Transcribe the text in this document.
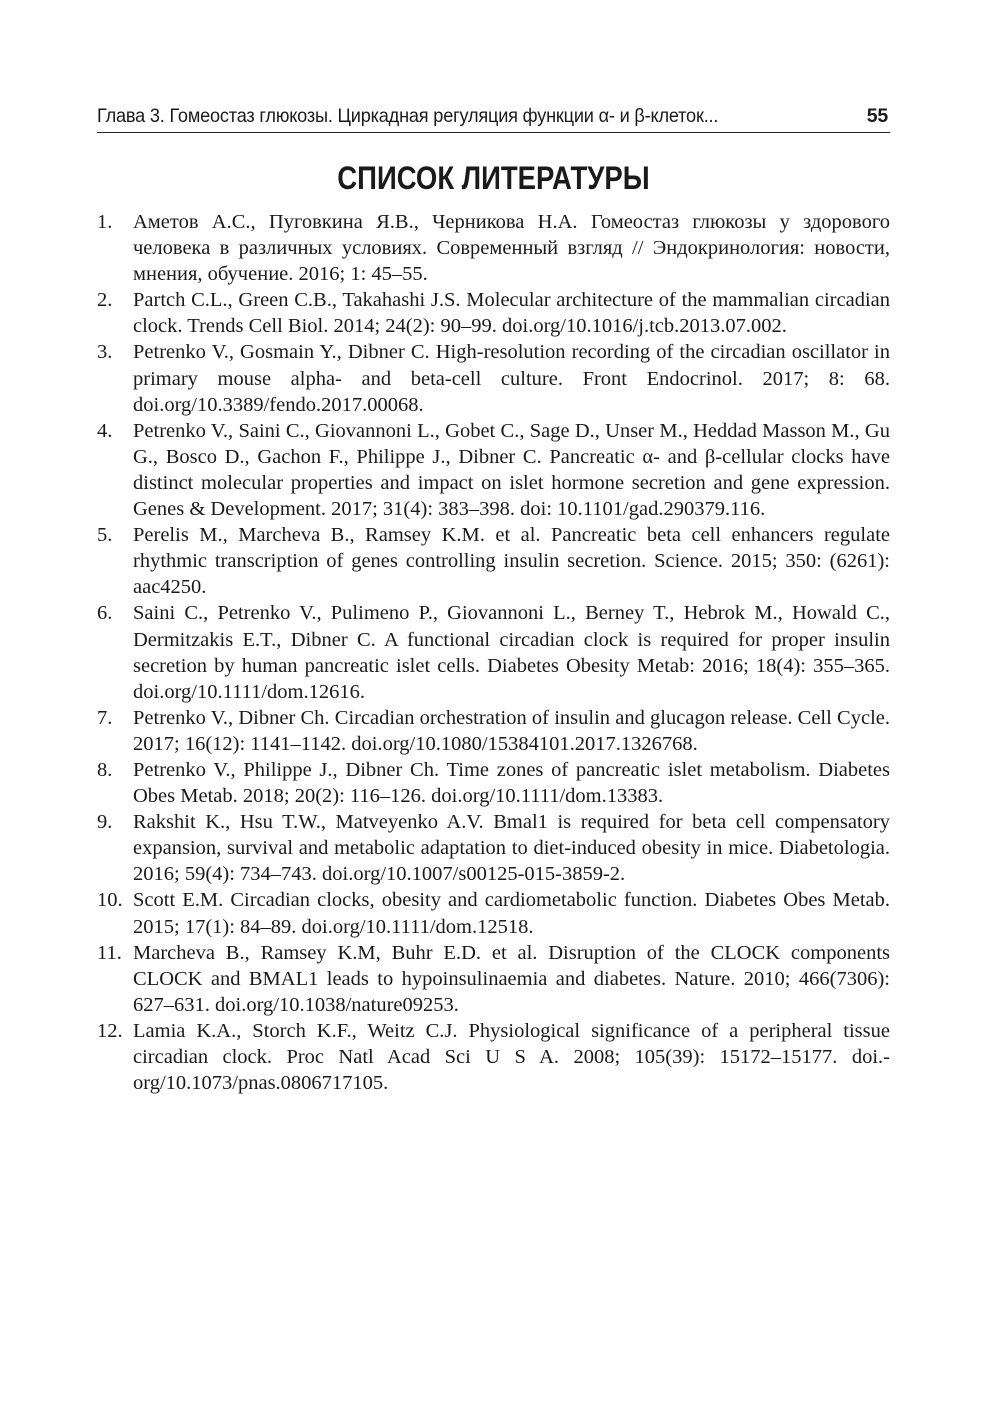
Глава 3. Гомеостаз глюкозы. Циркадная регуляция функции α- и β-клеток...	55
СПИСОК ЛИТЕРАТУРЫ
1. Аметов А.С., Пуговкина Я.В., Черникова Н.А. Гомеостаз глюкозы у здорового человека в различных условиях. Современный взгляд // Эндокринология: новости, мнения, обучение. 2016; 1: 45–55.
2. Partch C.L., Green C.B., Takahashi J.S. Molecular architecture of the mammalian circadian clock. Trends Cell Biol. 2014; 24(2): 90–99. doi.org/10.1016/j.tcb.2013.07.002.
3. Petrenko V., Gosmain Y., Dibner C. High-resolution recording of the circadian oscillator in primary mouse alpha- and beta-cell culture. Front Endocrinol. 2017; 8: 68. doi.org/10.3389/fendo.2017.00068.
4. Petrenko V., Saini C., Giovannoni L., Gobet C., Sage D., Unser M., Heddad Masson M., Gu G., Bosco D., Gachon F., Philippe J., Dibner C. Pancreatic α- and β-cellular clocks have distinct molecular properties and impact on islet hormone secretion and gene expression. Genes & Development. 2017; 31(4): 383–398. doi: 10.1101/gad.290379.116.
5. Perelis M., Marcheva B., Ramsey K.M. et al. Pancreatic beta cell enhancers regulate rhythmic transcription of genes controlling insulin secretion. Science. 2015; 350: (6261): aac4250.
6. Saini C., Petrenko V., Pulimeno P., Giovannoni L., Berney T., Hebrok M., Howald C., Dermitzakis E.T., Dibner C. A functional circadian clock is required for proper insulin secretion by human pancreatic islet cells. Diabetes Obesity Metab: 2016; 18(4): 355–365. doi.org/10.1111/dom.12616.
7. Petrenko V., Dibner Ch. Circadian orchestration of insulin and glucagon release. Cell Cycle. 2017; 16(12): 1141–1142. doi.org/10.1080/15384101.2017.1326768.
8. Petrenko V., Philippe J., Dibner Ch. Time zones of pancreatic islet metabolism. Diabetes Obes Metab. 2018; 20(2): 116–126. doi.org/10.1111/dom.13383.
9. Rakshit K., Hsu T.W., Matveyenko A.V. Bmal1 is required for beta cell compensatory expansion, survival and metabolic adaptation to diet-induced obesity in mice. Diabetologia. 2016; 59(4): 734–743. doi.org/10.1007/s00125-015-3859-2.
10. Scott E.M. Circadian clocks, obesity and cardiometabolic function. Diabetes Obes Metab. 2015; 17(1): 84–89. doi.org/10.1111/dom.12518.
11. Marcheva B., Ramsey K.M, Buhr E.D. et al. Disruption of the CLOCK components CLOCK and BMAL1 leads to hypoinsulinaemia and diabetes. Nature. 2010; 466(7306): 627–631. doi.org/10.1038/nature09253.
12. Lamia K.A., Storch K.F., Weitz C.J. Physiological significance of a peripheral tissue circadian clock. Proc Natl Acad Sci U S A. 2008; 105(39): 15172–15177. doi.org/10.1073/pnas.0806717105.
